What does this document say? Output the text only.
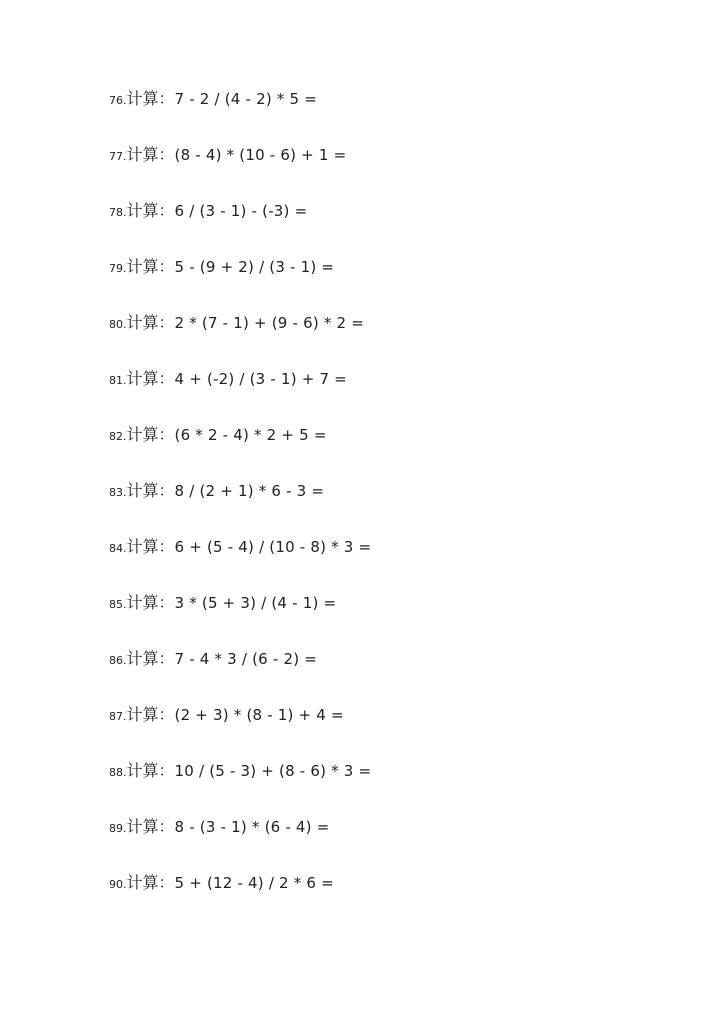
76. 计算： 7 - 2 / (4 - 2) * 5 =
77. 计算： (8 - 4) * (10 - 6) + 1 =
78. 计算： 6 / (3 - 1) - (-3) =
79. 计算： 5 - (9 + 2) / (3 - 1) =
80. 计算： 2 * (7 - 1) + (9 - 6) * 2 =
81. 计算： 4 + (-2) / (3 - 1) + 7 =
82. 计算： (6 * 2 - 4) * 2 + 5 =
83. 计算： 8 / (2 + 1) * 6 - 3 =
84. 计算： 6 + (5 - 4) / (10 - 8) * 3 =
85. 计算： 3 * (5 + 3) / (4 - 1) =
86. 计算： 7 - 4 * 3 / (6 - 2) =
87. 计算： (2 + 3) * (8 - 1) + 4 =
88. 计算： 10 / (5 - 3) + (8 - 6) * 3 =
89. 计算： 8 - (3 - 1) * (6 - 4) =
90. 计算： 5 + (12 - 4) / 2 * 6 =
